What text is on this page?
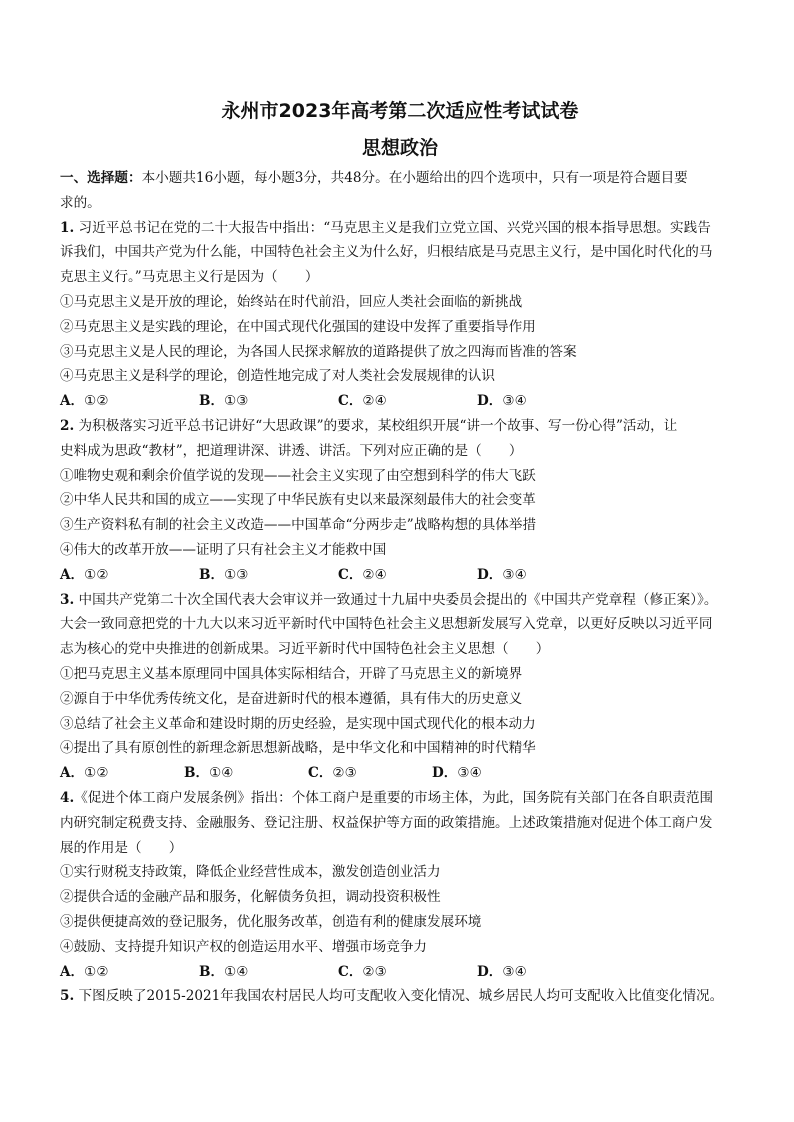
永州市2023年高考第二次适应性考试试卷
思想政治
一、选择题：本小题共16小题，每小题3分，共48分。在小题给出的四个选项中，只有一项是符合题目要
求的。
1. 习近平总书记在党的二十大报告中指出：“马克思主义是我们立党立国、兴党兴国的根本指导思想。实践告
诉我们，中国共产党为什么能，中国特色社会主义为什么好，归根结底是马克思主义行，是中国化时代化的马
克思主义行。”马克思主义行是因为（　　）
①马克思主义是开放的理论，始终站在时代前沿，回应人类社会面临的新挑战
②马克思主义是实践的理论，在中国式现代化强国的建设中发挥了重要指导作用
③马克思主义是人民的理论，为各国人民探求解放的道路提供了放之四海而皆准的答案
④马克思主义是科学的理论，创造性地完成了对人类社会发展规律的认识
A．①②	B．①③	C．②④	D．③④
2. 为积极落实习近平总书记讲好“大思政课”的要求，某校组织开展“讲一个故事、写一份心得”活动，让
史料成为思政“教材”，把道理讲深、讲透、讲活。下列对应正确的是（　　）
①唯物史观和剩余价值学说的发现——社会主义实现了由空想到科学的伟大飞跃
②中华人民共和国的成立——实现了中华民族有史以来最深刻最伟大的社会变革
③生产资料私有制的社会主义改造——中国革命“分两步走”战略构想的具体举措
④伟大的改革开放——证明了只有社会主义才能救中国
A．①②	B．①③	C．②④	D．③④
3. 中国共产党第二十次全国代表大会审议并一致通过十九届中央委员会提出的《中国共产党章程（修正案）》。
大会一致同意把党的十九大以来习近平新时代中国特色社会主义思想新发展写入党章，以更好反映以习近平同
志为核心的党中央推进的创新成果。习近平新时代中国特色社会主义思想（　　）
①把马克思主义基本原理同中国具体实际相结合，开辟了马克思主义的新境界
②源自于中华优秀传统文化，是奋进新时代的根本遵循，具有伟大的历史意义
③总结了社会主义革命和建设时期的历史经验，是实现中国式现代化的根本动力
④提出了具有原创性的新理念新思想新战略，是中华文化和中国精神的时代精华
A．①②	B．①④	C．②③	D．③④
4.《促进个体工商户发展条例》指出：个体工商户是重要的市场主体，为此，国务院有关部门在各自职责范围
内研究制定税费支持、金融服务、登记注册、权益保护等方面的政策措施。上述政策措施对促进个体工商户发
展的作用是（　　）
①实行财税支持政策，降低企业经营性成本，激发创造创业活力
②提供合适的金融产品和服务，化解债务负担，调动投资积极性
③提供便捷高效的登记服务，优化服务改革，创造有利的健康发展环境
④鼓励、支持提升知识产权的创造运用水平、增强市场竞争力
A．①②	B．①④	C．②③	D．③④
5. 下图反映了2015-2021年我国农村居民人均可支配收入变化情况、城乡居民人均可支配收入比值变化情况。
